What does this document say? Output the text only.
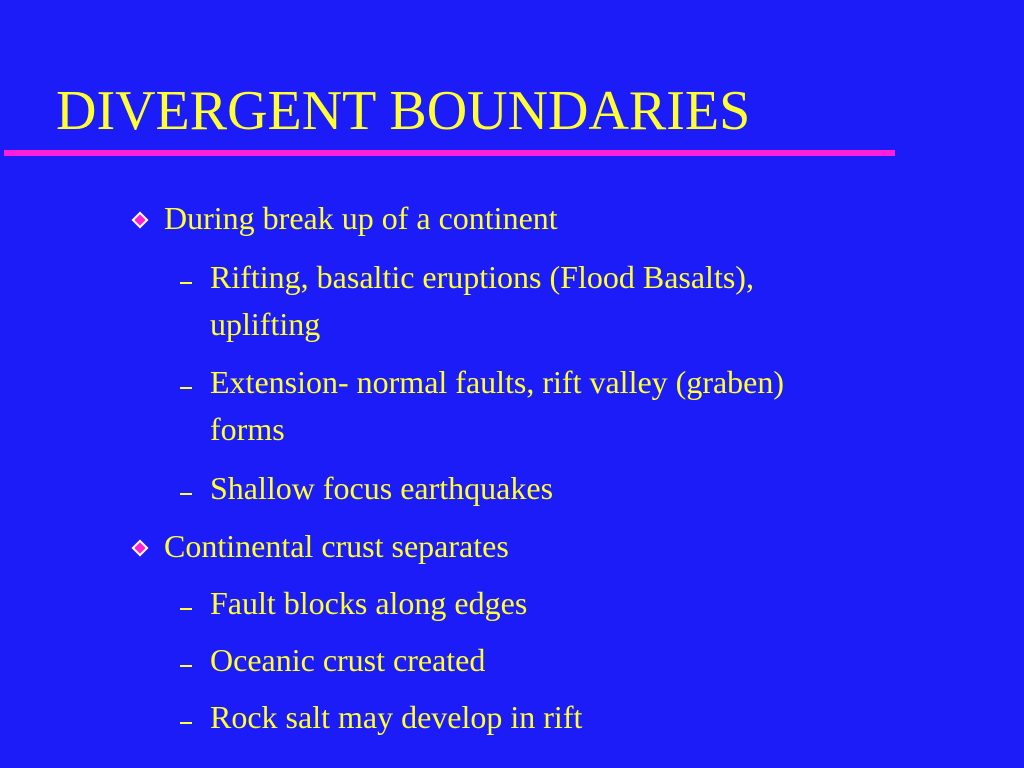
DIVERGENT BOUNDARIES
During break up of a continent
Rifting, basaltic eruptions (Flood Basalts),
uplifting
Extension- normal faults, rift valley (graben)
forms
Shallow focus earthquakes
Continental crust separates
Fault blocks along edges
Oceanic crust created
Rock salt may develop in rift
